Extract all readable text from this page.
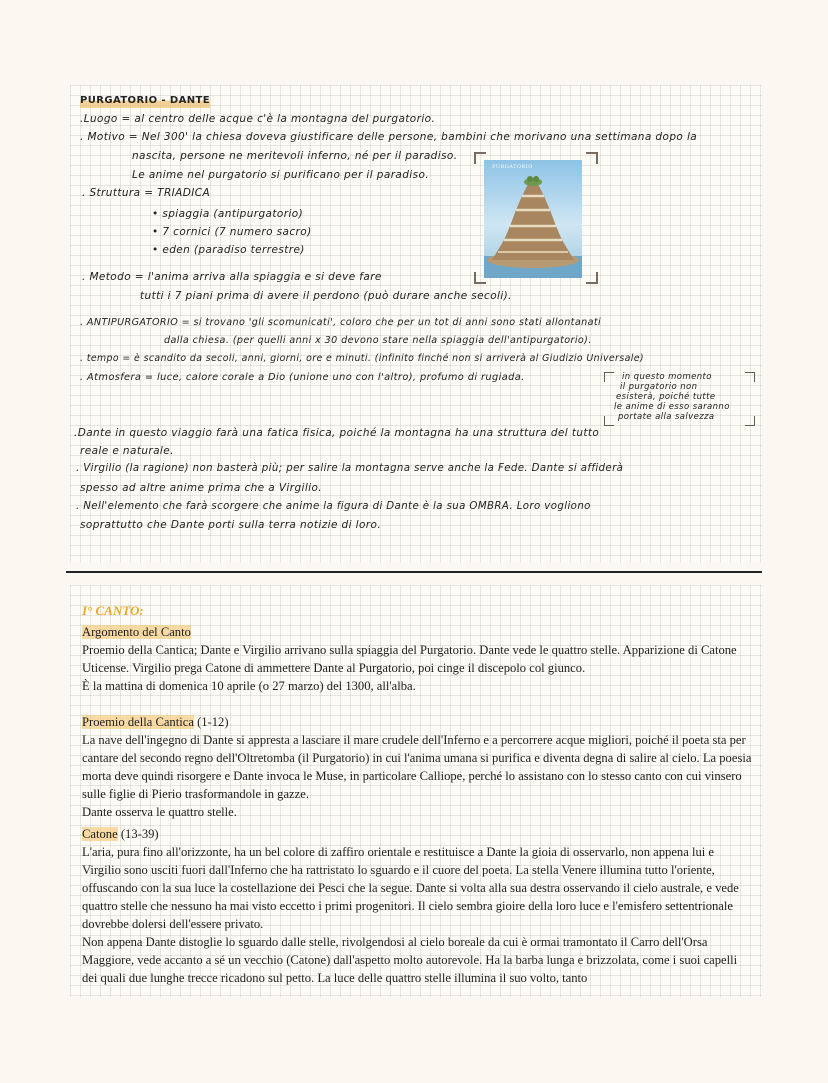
PURGATORIO - DANTE
.Luogo = al centro delle acque c'è la montagna del purgatorio.
. Motivo = Nel 300' la chiesa doveva giustificare delle persone, bambini che morivano una settimana dopo la
nascita, persone ne meritevoli inferno, né per il paradiso.
Le anime nel purgatorio si purificano per il paradiso.
. Struttura = TRIADICA
• spiaggia (antipurgatorio)
• 7 cornici (7 numero sacro)
• eden (paradiso terrestre)
. Metodo = l'anima arriva alla spiaggia e si deve fare
tutti i 7 piani prima di avere il perdono (può durare anche secoli).
. ANTIPURGATORIO = si trovano 'gli scomunicati', coloro che per un tot di anni sono stati allontanati
dalla chiesa. (per quelli anni x 30 devono stare nella spiaggia dell'antipurgatorio).
. tempo = è scandito da secoli, anni, giorni, ore e minuti. (infinito finché non si arriverà al Giudizio Universale)
. Atmosfera = luce, calore corale a Dio (unione uno con l'altro), profumo di rugiada.	in questo momento
il purgatorio non
esisterà, poiché tutte
le anime di esso saranno
portate alla salvezza
.Dante in questo viaggio farà una fatica fisica, poiché la montagna ha una struttura del tutto
reale e naturale.
. Virgilio (la ragione) non basterà più; per salire la montagna serve anche la Fede. Dante si affiderà
spesso ad altre anime prima che a Virgilio.
. Nell'elemento che farà scorgere che anime la figura di Dante è la sua OMBRA. Loro vogliono
soprattutto che Dante porti sulla terra notizie di loro.
PURGATORIO
I° CANTO:

Argomento del Canto

Proemio della Cantica; Dante e Virgilio arrivano sulla spiaggia del Purgatorio. Dante vede le quattro stelle. Apparizione di Catone Uticense. Virgilio prega Catone di ammettere Dante al Purgatorio, poi cinge il discepolo col giunco.

È la mattina di domenica 10 aprile (o 27 marzo) del 1300, all'alba.

Proemio della Cantica (1-12)

La nave dell'ingegno di Dante si appresta a lasciare il mare crudele dell'Inferno e a percorrere acque migliori, poiché il poeta sta per cantare del secondo regno dell'Oltretomba (il Purgatorio) in cui l'anima umana si purifica e diventa degna di salire al cielo. La poesia morta deve quindi risorgere e Dante invoca le Muse, in particolare Calliope, perché lo assistano con lo stesso canto con cui vinsero sulle figlie di Pierio trasformandole in gazze.

Dante osserva le quattro stelle.

Catone (13-39)

L'aria, pura fino all'orizzonte, ha un bel colore di zaffiro orientale e restituisce a Dante la gioia di osservarlo, non appena lui e Virgilio sono usciti fuori dall'Inferno che ha rattristato lo sguardo e il cuore del poeta. La stella Venere illumina tutto l'oriente, offuscando con la sua luce la costellazione dei Pesci che la segue. Dante si volta alla sua destra osservando il cielo australe, e vede quattro stelle che nessuno ha mai visto eccetto i primi progenitori. Il cielo sembra gioire della loro luce e l'emisfero settentrionale dovrebbe dolersi dell'essere privato.

Non appena Dante distoglie lo sguardo dalle stelle, rivolgendosi al cielo boreale da cui è ormai tramontato il Carro dell'Orsa Maggiore, vede accanto a sé un vecchio (Catone) dall'aspetto molto autorevole. Ha la barba lunga e brizzolata, come i suoi capelli dei quali due lunghe trecce ricadono sul petto. La luce delle quattro stelle illumina il suo volto, tanto
